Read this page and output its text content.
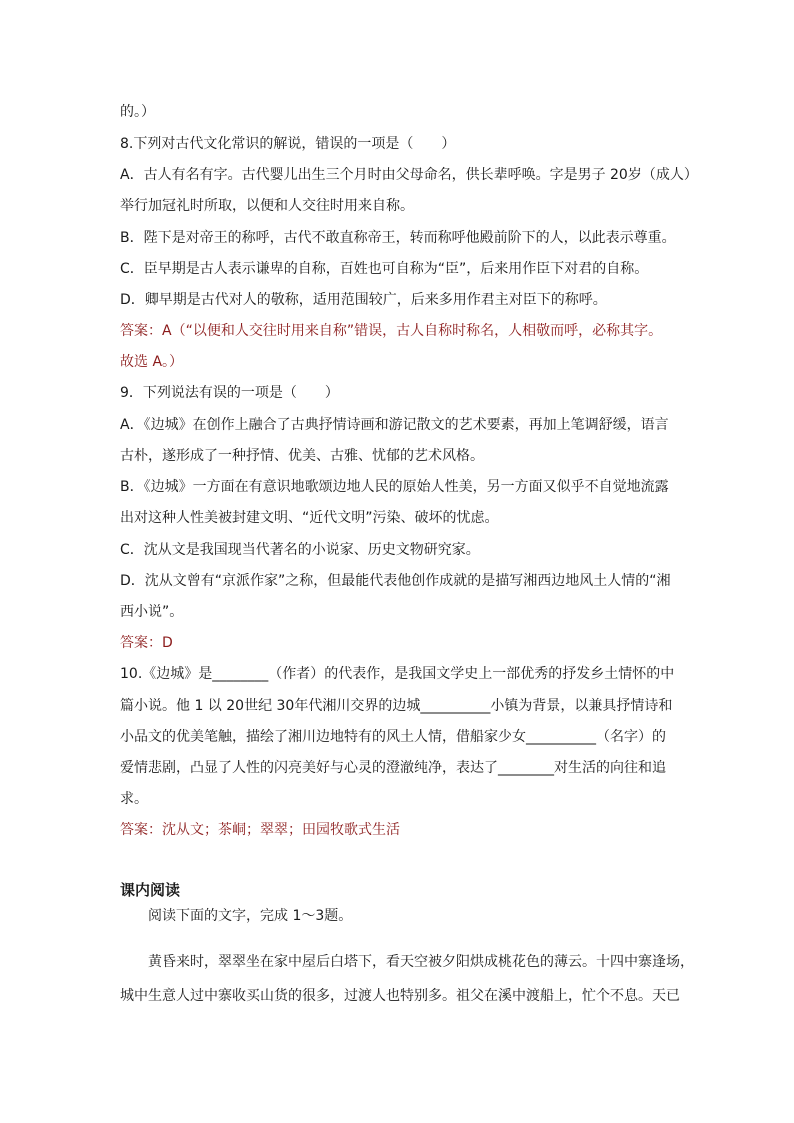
的。）
8.下列对古代文化常识的解说，错误的一项是（　　）
A．古人有名有字。古代婴儿出生三个月时由父母命名，供长辈呼唤。字是男子 20岁（成人）
举行加冠礼时所取，以便和人交往时用来自称。
B．陛下是对帝王的称呼，古代不敢直称帝王，转而称呼他殿前阶下的人，以此表示尊重。
C．臣早期是古人表示谦卑的自称，百姓也可自称为“臣”，后来用作臣下对君的自称。
D．卿早期是古代对人的敬称，适用范围较广，后来多用作君主对臣下的称呼。
答案：A（“以便和人交往时用来自称”错误，古人自称时称名，人相敬而呼，必称其字。
故选 A。）
9．下列说法有误的一项是（　　）
A．《边城》在创作上融合了古典抒情诗画和游记散文的艺术要素，再加上笔调舒缓，语言
古朴，遂形成了一种抒情、优美、古雅、忧郁的艺术风格。
B．《边城》一方面在有意识地歌颂边地人民的原始人性美，另一方面又似乎不自觉地流露
出对这种人性美被封建文明、“近代文明”污染、破坏的忧虑。
C．沈从文是我国现当代著名的小说家、历史文物研究家。
D．沈从文曾有“京派作家”之称，但最能代表他创作成就的是描写湘西边地风土人情的“湘
西小说”。
答案：D
10.《边城》是________（作者）的代表作，是我国文学史上一部优秀的抒发乡土情怀的中
篇小说。他 1 以 20世纪 30年代湘川交界的边城__________小镇为背景，以兼具抒情诗和
小品文的优美笔触，描绘了湘川边地特有的风土人情，借船家少女__________（名字）的
爱情悲剧，凸显了人性的闪亮美好与心灵的澄澈纯净，表达了________对生活的向往和追
求。
答案：沈从文；茶峒；翠翠；田园牧歌式生活
课内阅读
阅读下面的文字，完成 1～3题。
黄昏来时，翠翠坐在家中屋后白塔下，看天空被夕阳烘成桃花色的薄云。十四中寨逢场，
城中生意人过中寨收买山货的很多，过渡人也特别多。祖父在溪中渡船上，忙个不息。天已
